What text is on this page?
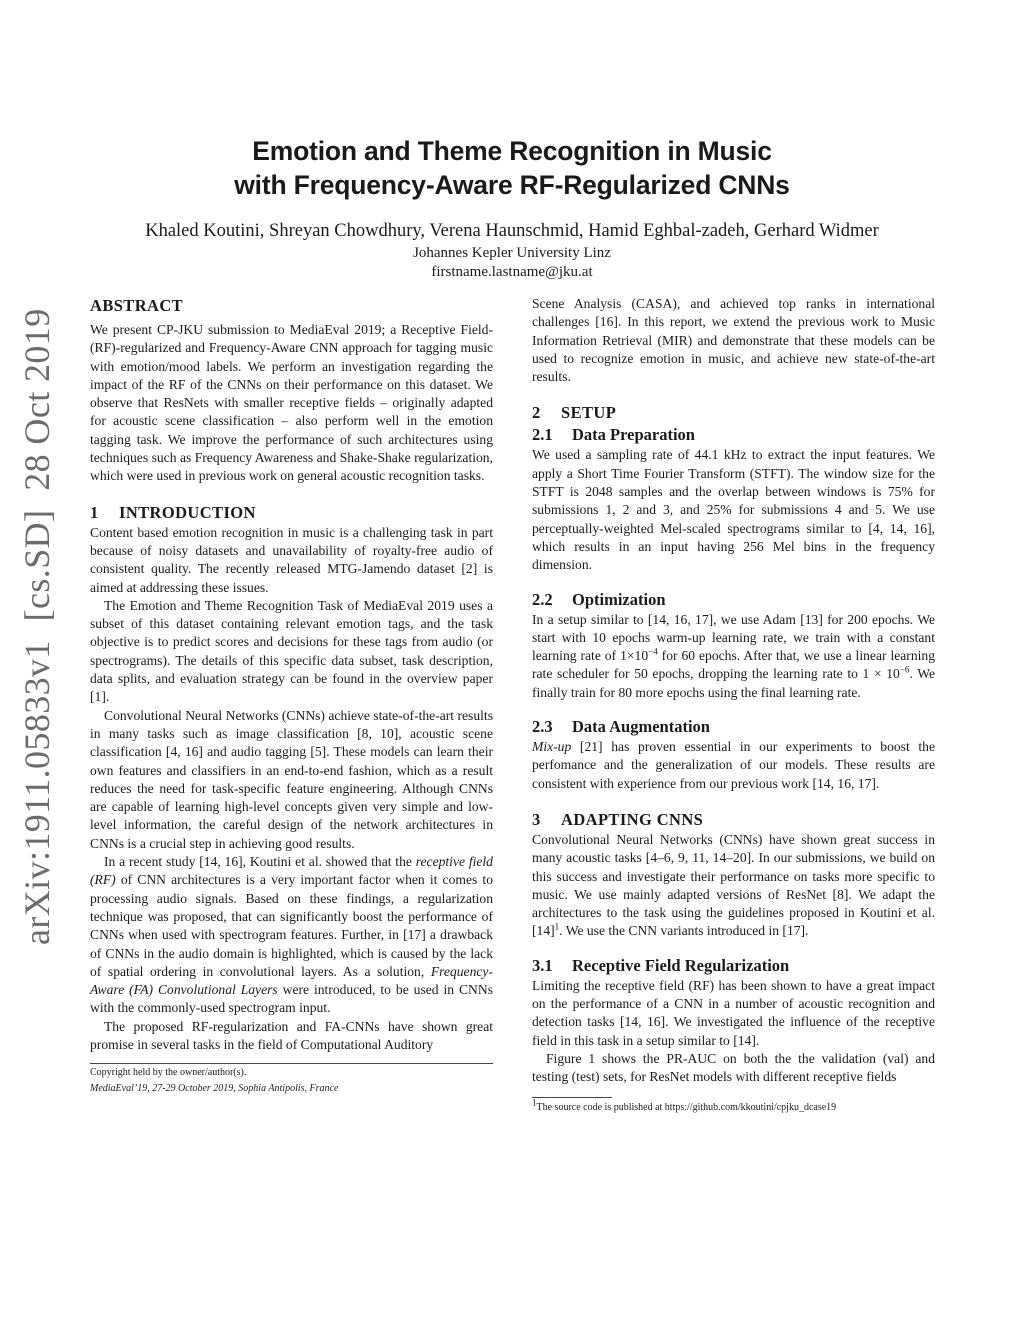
Emotion and Theme Recognition in Music
with Frequency-Aware RF-Regularized CNNs
Khaled Koutini, Shreyan Chowdhury, Verena Haunschmid, Hamid Eghbal-zadeh, Gerhard Widmer
Johannes Kepler University Linz
firstname.lastname@jku.at
arXiv:1911.05833v1  [cs.SD]  28 Oct 2019
ABSTRACT

We present CP-JKU submission to MediaEval 2019; a Receptive Field-(RF)-regularized and Frequency-Aware CNN approach for tagging music with emotion/mood labels. We perform an investigation regarding the impact of the RF of the CNNs on their performance on this dataset. We observe that ResNets with smaller receptive fields – originally adapted for acoustic scene classification – also perform well in the emotion tagging task. We improve the performance of such architectures using techniques such as Frequency Awareness and Shake-Shake regularization, which were used in previous work on general acoustic recognition tasks.

1 INTRODUCTION

Content based emotion recognition in music is a challenging task in part because of noisy datasets and unavailability of royalty-free audio of consistent quality. The recently released MTG-Jamendo dataset [2] is aimed at addressing these issues.

The Emotion and Theme Recognition Task of MediaEval 2019 uses a subset of this dataset containing relevant emotion tags, and the task objective is to predict scores and decisions for these tags from audio (or spectrograms). The details of this specific data subset, task description, data splits, and evaluation strategy can be found in the overview paper [1].

Convolutional Neural Networks (CNNs) achieve state-of-the-art results in many tasks such as image classification [8, 10], acoustic scene classification [4, 16] and audio tagging [5]. These models can learn their own features and classifiers in an end-to-end fashion, which as a result reduces the need for task-specific feature engineering. Although CNNs are capable of learning high-level concepts given very simple and low-level information, the careful design of the network architectures in CNNs is a crucial step in achieving good results.

In a recent study [14, 16], Koutini et al. showed that the receptive field (RF) of CNN architectures is a very important factor when it comes to processing audio signals. Based on these findings, a regularization technique was proposed, that can significantly boost the performance of CNNs when used with spectrogram features. Further, in [17] a drawback of CNNs in the audio domain is highlighted, which is caused by the lack of spatial ordering in convolutional layers. As a solution, Frequency-Aware (FA) Convolutional Layers were introduced, to be used in CNNs with the commonly-used spectrogram input.

The proposed RF-regularization and FA-CNNs have shown great promise in several tasks in the field of Computational Auditory

Copyright held by the owner/author(s).
MediaEval’19, 27-29 October 2019, Sophia Antipolis, France

Scene Analysis (CASA), and achieved top ranks in international challenges [16]. In this report, we extend the previous work to Music Information Retrieval (MIR) and demonstrate that these models can be used to recognize emotion in music, and achieve new state-of-the-art results.

2 SETUP
2.1 Data Preparation

We used a sampling rate of 44.1 kHz to extract the input features. We apply a Short Time Fourier Transform (STFT). The window size for the STFT is 2048 samples and the overlap between windows is 75% for submissions 1, 2 and 3, and 25% for submissions 4 and 5. We use perceptually-weighted Mel-scaled spectrograms similar to [4, 14, 16], which results in an input having 256 Mel bins in the frequency dimension.

2.2 Optimization

In a setup similar to [14, 16, 17], we use Adam [13] for 200 epochs. We start with 10 epochs warm-up learning rate, we train with a constant learning rate of $1\times 10^{-4}$ for 60 epochs. After that, we use a linear learning rate scheduler for 50 epochs, dropping the learning rate to $1 \times 10^{-6}$. We finally train for 80 more epochs using the final learning rate.

2.3 Data Augmentation

Mix-up [21] has proven essential in our experiments to boost the perfomance and the generalization of our models. These results are consistent with experience from our previous work [14, 16, 17].

3 ADAPTING CNNS

Convolutional Neural Networks (CNNs) have shown great success in many acoustic tasks [4–6, 9, 11, 14–20]. In our submissions, we build on this success and investigate their performance on tasks more specific to music. We use mainly adapted versions of ResNet [8]. We adapt the architectures to the task using the guidelines proposed in Koutini et $al.[14]^1$. We use the CNN variants introduced in [17].

3.1 Receptive Field Regularization

Limiting the receptive field (RF) has been shown to have a great impact on the performance of a CNN in a number of acoustic recognition and detection tasks [14, 16]. We investigated the influence of the receptive field in this task in a setup similar to [14].

Figure 1 shows the PR-AUC on both the the validation (val) and testing (test) sets, for ResNet models with different receptive fields

$^1$The source code is published at https://github.com/kkoutini/cpjku_dcase19
